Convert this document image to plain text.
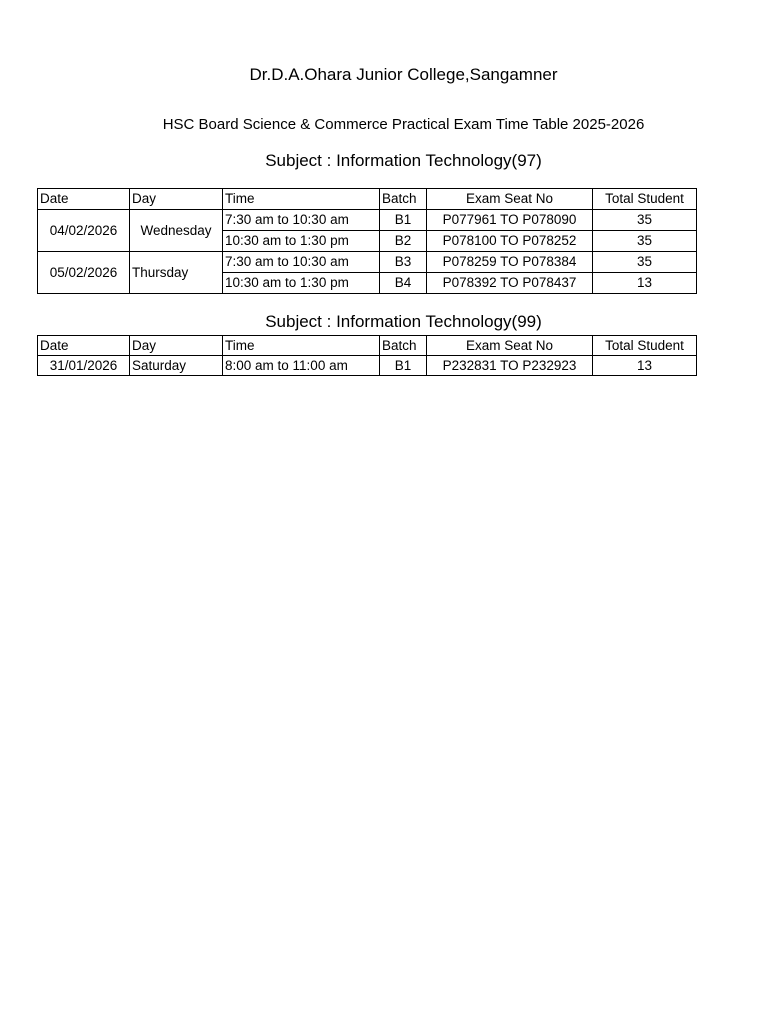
Dr.D.A.Ohara Junior College,Sangamner
HSC Board Science & Commerce Practical Exam Time Table 2025-2026
Subject : Information Technology(97)
Date	Day	Time	Batch	Exam Seat No	Total Student
04/02/2026	Wednesday	7:30 am to 10:30 am	B1	P077961 TO P078090	35
		10:30 am to 1:30 pm	B2	P078100 TO P078252	35
05/02/2026	Thursday	7:30 am to 10:30 am	B3	P078259 TO P078384	35
		10:30 am to 1:30 pm	B4	P078392 TO P078437	13
Subject : Information Technology(99)
Date	Day	Time	Batch	Exam Seat No	Total Student
31/01/2026	Saturday	8:00 am to 11:00 am	B1	P232831 TO P232923	13
